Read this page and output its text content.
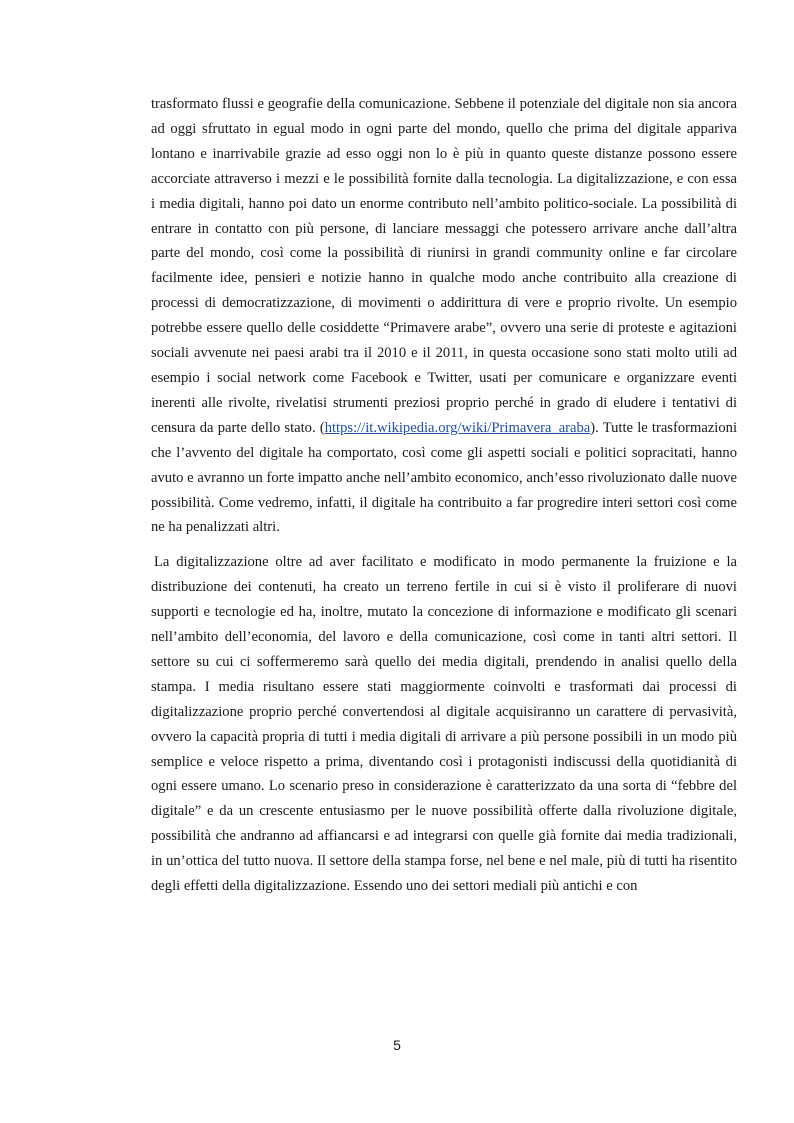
trasformato flussi e geografie della comunicazione. Sebbene il potenziale del digitale non sia ancora ad oggi sfruttato in egual modo in ogni parte del mondo, quello che prima del digitale appariva lontano e inarrivabile grazie ad esso oggi non lo è più in quanto queste distanze possono essere accorciate attraverso i mezzi e le possibilità fornite dalla tecnologia. La digitalizzazione, e con essa i media digitali, hanno poi dato un enorme contributo nell’ambito politico-sociale. La possibilità di entrare in contatto con più persone, di lanciare messaggi che potessero arrivare anche dall’altra parte del mondo, così come la possibilità di riunirsi in grandi community online e far circolare facilmente idee, pensieri e notizie hanno in qualche modo anche contribuito alla creazione di processi di democratizzazione, di movimenti o addirittura di vere e proprio rivolte. Un esempio potrebbe essere quello delle cosiddette “Primavere arabe”, ovvero una serie di proteste e agitazioni sociali avvenute nei paesi arabi tra il 2010 e il 2011, in questa occasione sono stati molto utili ad esempio i social network come Facebook e Twitter, usati per comunicare e organizzare eventi inerenti alle rivolte, rivelatisi strumenti preziosi proprio perché in grado di eludere i tentativi di censura da parte dello stato. (https://it.wikipedia.org/wiki/Primavera_araba). Tutte le trasformazioni che l’avvento del digitale ha comportato, così come gli aspetti sociali e politici sopracitati, hanno avuto e avranno un forte impatto anche nell’ambito economico, anch’esso rivoluzionato dalle nuove possibilità. Come vedremo, infatti, il digitale ha contribuito a far progredire interi settori così come ne ha penalizzati altri.

La digitalizzazione oltre ad aver facilitato e modificato in modo permanente la fruizione e la distribuzione dei contenuti, ha creato un terreno fertile in cui si è visto il proliferare di nuovi supporti e tecnologie ed ha, inoltre, mutato la concezione di informazione e modificato gli scenari nell’ambito dell’economia, del lavoro e della comunicazione, così come in tanti altri settori. Il settore su cui ci soffermeremo sarà quello dei media digitali, prendendo in analisi quello della stampa. I media risultano essere stati maggiormente coinvolti e trasformati dai processi di digitalizzazione proprio perché convertendosi al digitale acquisiranno un carattere di pervasività, ovvero la capacità propria di tutti i media digitali di arrivare a più persone possibili in un modo più semplice e veloce rispetto a prima, diventando così i protagonisti indiscussi della quotidianità di ogni essere umano. Lo scenario preso in considerazione è caratterizzato da una sorta di “febbre del digitale” e da un crescente entusiasmo per le nuove possibilità offerte dalla rivoluzione digitale, possibilità che andranno ad affiancarsi e ad integrarsi con quelle già fornite dai media tradizionali, in un’ottica del tutto nuova. Il settore della stampa forse, nel bene e nel male, più di tutti ha risentito degli effetti della digitalizzazione. Essendo uno dei settori mediali più antichi e con

5
